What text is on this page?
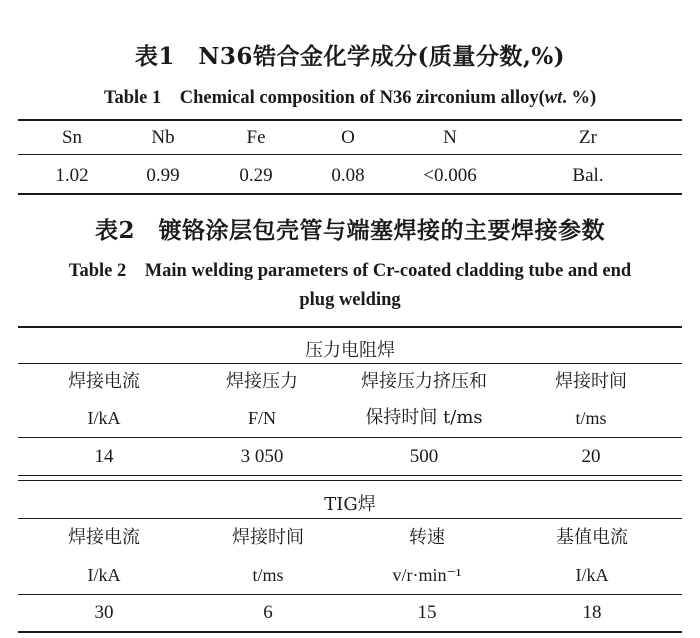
表1　N36锆合金化学成分(质量分数,%)
Table 1　Chemical composition of N36 zirconium alloy(wt. %)
Sn	Nb	Fe	O	N	Zr
1.02	0.99	0.29	0.08	<0.006	Bal.
表2　镀铬涂层包壳管与端塞焊接的主要焊接参数
Table 2　Main welding parameters of Cr-coated cladding tube and end
plug welding
压力电阻焊
焊接电流	焊接压力	焊接压力挤压和	焊接时间
I/kA	F/N	保持时间 t/ms	t/ms
14	3 050	500	20
TIG焊
焊接电流	焊接时间	转速	基值电流
I/kA	t/ms	v/r·min⁻¹	I/kA
30	6	15	18
